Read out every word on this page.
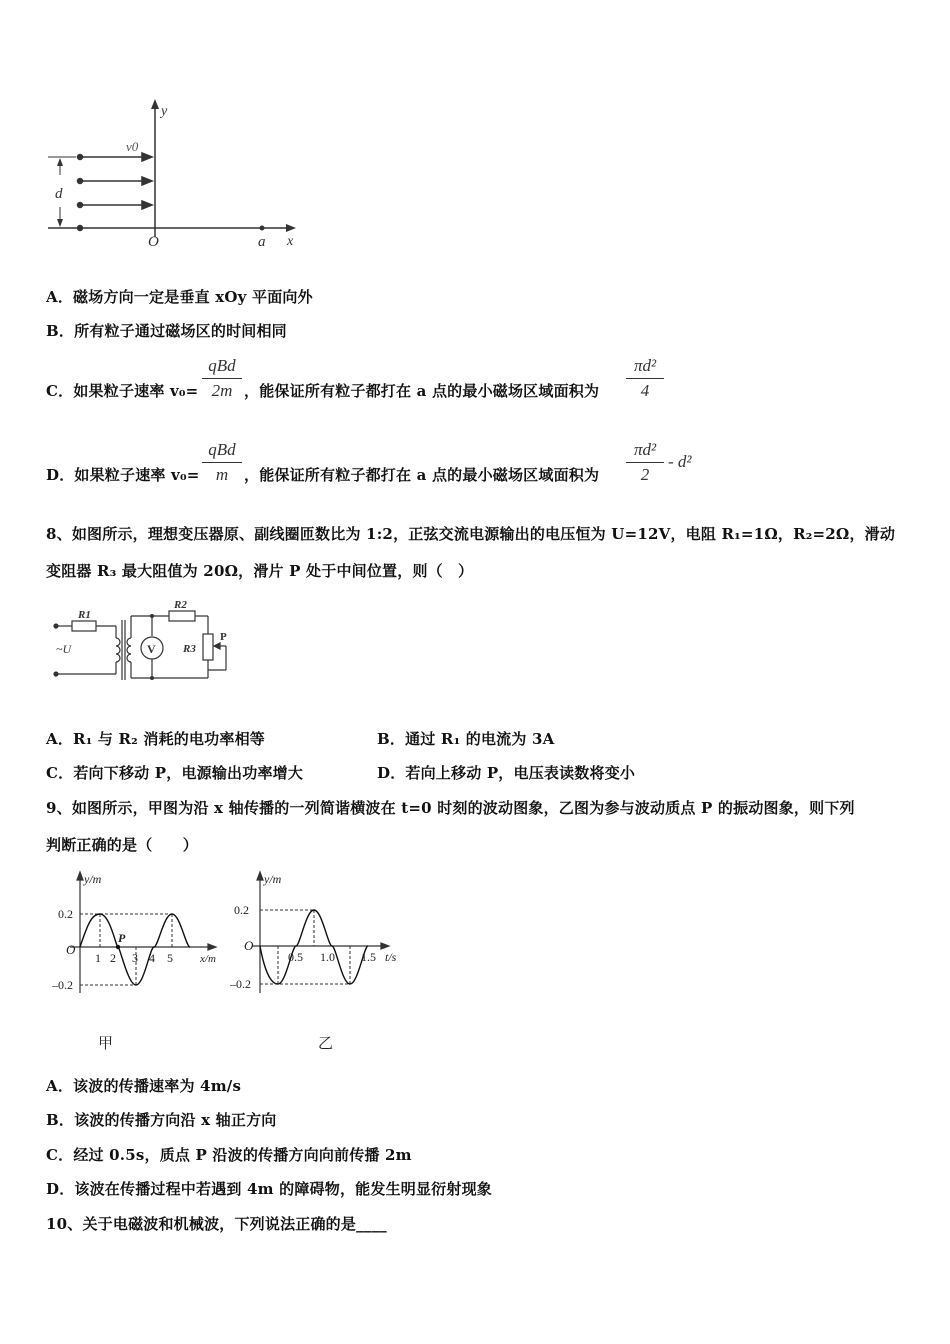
y
x
O	a
v0
d
A．磁场方向一定是垂直 xOy 平面向外
B．所有粒子通过磁场区的时间相同
C．如果粒子速率 v₀=
qBd
2m ，能保证所有粒子都打在 a 点的最小磁场区域面积为
πd²
4
D．如果粒子速率 v₀=
qBd
m	，能保证所有粒子都打在 a 点的最小磁场区域面积为
πd²
2
- d²
8、如图所示，理想变压器原、副线圈匝数比为 1:2，正弦交流电源输出的电压恒为 U=12V，电阻 R₁=1Ω，R₂=2Ω，滑动
变阻器 R₃ 最大阻值为 20Ω，滑片 P 处于中间位置，则（　）
R1
R2
R3
~U	V
P
A．R₁ 与 R₂ 消耗的电功率相等	B．通过 R₁ 的电流为 3A
C．若向下移动 P，电源输出功率增大	D．若向上移动 P，电压表读数将变小
9、如图所示，甲图为沿 x 轴传播的一列简谐横波在 t=0 时刻的波动图象，乙图为参与波动质点 P 的振动图象，则下列
判断正确的是（　　）
y/m
x/m
O
0.2
–0.2
1 2 3 4 5
P
甲
y/m
t/s
O
0.2
–0.2
0.5 1.0 1.5
乙
A．该波的传播速率为 4m/s
B．该波的传播方向沿 x 轴正方向
C．经过 0.5s，质点 P 沿波的传播方向向前传播 2m
D．该波在传播过程中若遇到 4m 的障碍物，能发生明显衍射现象
10、关于电磁波和机械波，下列说法正确的是____
